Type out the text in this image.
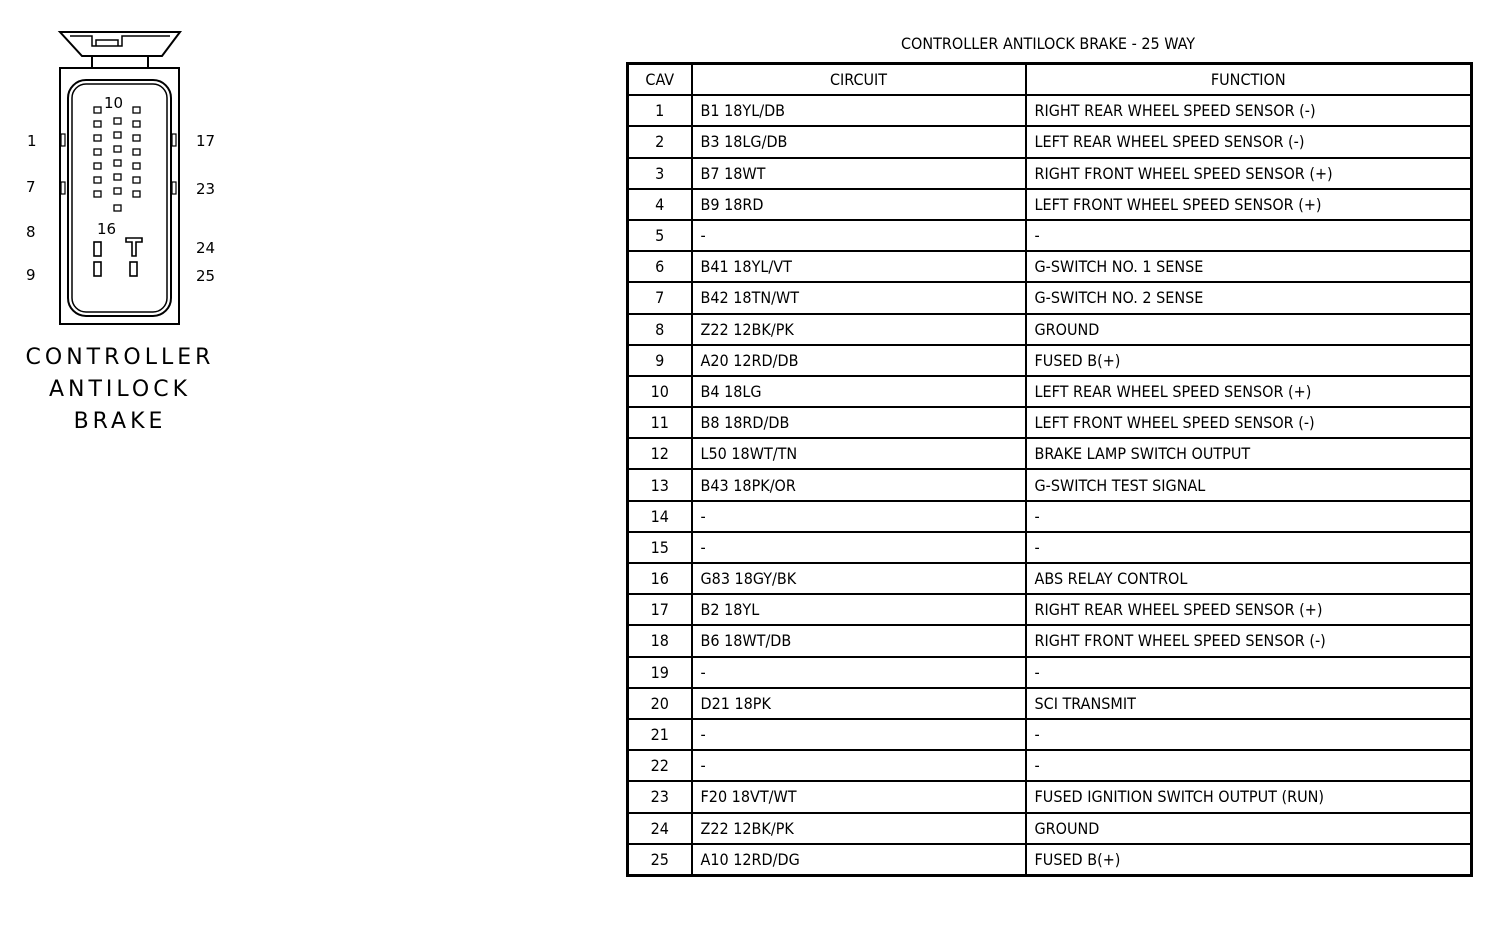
10
16
1
7
8
9
17
23
24
25
CONTROLLER
ANTILOCK
BRAKE
CONTROLLER ANTILOCK BRAKE - 25 WAY
CAV	CIRCUIT	FUNCTION
1	B1 18YL/DB	RIGHT REAR WHEEL SPEED SENSOR (-)
2	B3 18LG/DB	LEFT REAR WHEEL SPEED SENSOR (-)
3	B7 18WT	RIGHT FRONT WHEEL SPEED SENSOR (+)
4	B9 18RD	LEFT FRONT WHEEL SPEED SENSOR (+)
5	-	-
6	B41 18YL/VT	G-SWITCH NO. 1 SENSE
7	B42 18TN/WT	G-SWITCH NO. 2 SENSE
8	Z22 12BK/PK	GROUND
9	A20 12RD/DB	FUSED B(+)
10	B4 18LG	LEFT REAR WHEEL SPEED SENSOR (+)
11	B8 18RD/DB	LEFT FRONT WHEEL SPEED SENSOR (-)
12	L50 18WT/TN	BRAKE LAMP SWITCH OUTPUT
13	B43 18PK/OR	G-SWITCH TEST SIGNAL
14	-	-
15	-	-
16	G83 18GY/BK	ABS RELAY CONTROL
17	B2 18YL	RIGHT REAR WHEEL SPEED SENSOR (+)
18	B6 18WT/DB	RIGHT FRONT WHEEL SPEED SENSOR (-)
19	-	-
20	D21 18PK	SCI TRANSMIT
21	-	-
22	-	-
23	F20 18VT/WT	FUSED IGNITION SWITCH OUTPUT (RUN)
24	Z22 12BK/PK	GROUND
25	A10 12RD/DG	FUSED B(+)
